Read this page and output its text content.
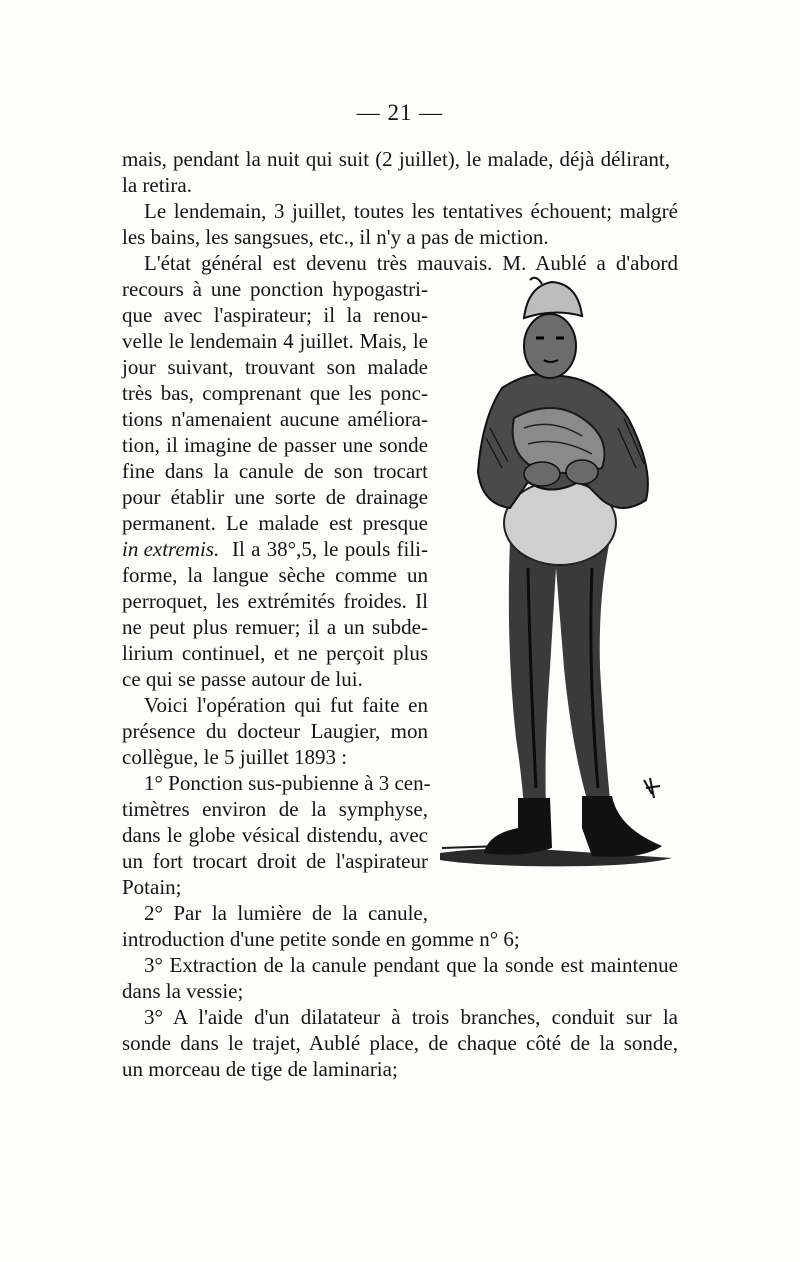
— 21 —
mais, pendant la nuit qui suit (2 juillet), le malade, déjà délirant,
la retira.
Le lendemain, 3 juillet, toutes les tentatives échouent; malgré
les bains, les sangsues, etc., il n'y a pas de miction.
L'état général est devenu très mauvais. M. Aublé a d'abord
recours à une ponction hypogastri-
que avec l'aspirateur; il la renou-
velle le lendemain 4 juillet. Mais, le
jour suivant, trouvant son malade
très bas, comprenant que les ponc-
tions n'amenaient aucune améliora-
tion, il imagine de passer une sonde
fine dans la canule de son trocart
pour établir une sorte de drainage
permanent. Le malade est presque
in extremis. Il a 38°,5, le pouls fili-
forme, la langue sèche comme un
perroquet, les extrémités froides. Il
ne peut plus remuer; il a un subde-
lirium continuel, et ne perçoit plus
ce qui se passe autour de lui.
Voici l'opération qui fut faite en
présence du docteur Laugier, mon
collègue, le 5 juillet 1893 :
1° Ponction sus-pubienne à 3 cen-
timètres environ de la symphyse,
dans le globe vésical distendu, avec
un fort trocart droit de l'aspirateur
Potain;
2° Par la lumière de la canule,
introduction d'une petite sonde en gomme n° 6;
3° Extraction de la canule pendant que la sonde est maintenue
dans la vessie;
3° A l'aide d'un dilatateur à trois branches, conduit sur la
sonde dans le trajet, Aublé place, de chaque côté de la sonde,
un morceau de tige de laminaria;
